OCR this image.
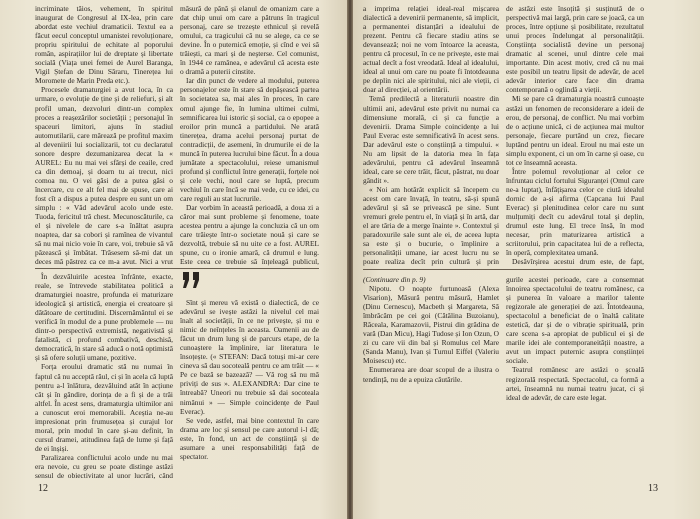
incriminate tăios, vehement, în spiritul inaugurat de Congresul al IX-lea, prin care abordat este vechiul dramaticii. Textul ea a făcut eecul conceptul umanistei revoluționare, propriu spiritului de echitate al poporului român, aspirațiilor lui de dreptate și libertate socială (Viața unei femei de Aurel Baranga, Vigil Ștefan de Dinu Săraru, Tinerețea lui Moromete de Marin Preda etc.).

Procesele dramaturgiei a avut loca, în ca urmare, o evoluție de ține și de reliefuri, și alt profil uman, dezvoluri dintr-un complex proces a reașezărilor societății ; personajul în spaceuri limitori, ajuns în stadiul automutilarii, care mărează pe profitul maxim al deveniirii lui socializarii, tot cu declaratul sonore despre dezumanizarea decat la « AUREL: Eu nu mai vei sfârși de ceaile, cred ca din demoaj, și doarn tu ai trecut, nici comoa nu. O vei găsi de a putea găsi o încercare, cu ce alt fel mai de spuse, care ai fost cît a dispus a putea despre eu sunt un om simplu : « Văd adevărul acolo unde este. Tuoda, fericitul tră chest. Mecunoscăturile, ca el și nivelele de care s-a înăltat asupra noaptea, dar sa cobori și ramînea de vivantul să nu mai nicio voie în care, voi, trebuie să vă păzească și îmbătat. Trăsesem să-mi dat un deces mă păstrez ca ce m-a avut. Nici a vrut

măsură de până și elanul de omanizm care a dat chip unui om care a pătruns în tragicul personaj, care se trezește ethnicul și revelă omului, ca tragicului că nu se alege, ca ce se devine. În o puternică emoție, și cînd e vei să trăiești, ca mari și de neşterse. Cel comunist, în 1944 ce ramânea, e adevărul că acesta este o dramă a puterii cinstite.

Iar din punct de vedere al modului, puterea personajelor este în stare să depășească partea în societatea sa, mai ales în proces, în care omul ajunge fie, în lumina ultimei culmi, semnificarea lui istoric și social, ca o epopee a eroilor prin muncă a partidului. Ne arată tinerețea, drama acelui personaj purtat de contradicții, de asemeni, în drumurile ei de la muncă în puterea lucrului bine făcut. În a doua jumătate a spectacolului, reiese umanismul profund și conflictul între generații, forțele noi și cele vechi, noul care se luptă, precum vechiul în care încă se mai vede, cu ce idei, cu care reguli au stat lucrurile.

Dar vorbim în această perioadă, a doua zi a căror mai sunt probleme și fenomene, toate acestea pentru a ajunge la concluzia că un om care trăiește într-o societate nouă și care se dezvoltă, trebuie să nu uite ce a fost. AUREL spune, cu o ironie amară, că drumul e lung. Este ceea ce trebuie să înțeleagă publicul,

În dezvăluirile acestea înfrânte, exacte, reale, se întrevede stabilitatea politică a dramaturgiei noastre, profunda ei maturizare ideologică și artistică, energia ei creatoare și dătătoare de certitudini. Discernământul ei se verifică în modul de a pune problemele — nu dintr-o perspectivă extremistă, negativistă și fatalistă, ci profund combativă, deschisă, democratică, în stare să aducă o notă optimistă și să ofere soluții umane, pozitive.

Forța eroului dramatic stă nu numai în faptul că nu acceptă răul, ci și în acela că luptă pentru a-l înlătura, dezvăluind atât în acțiune cât și în gândire, dorința de a fi și de a trăi altfel. În acest sens, dramaturgia ultimilor ani a cunoscut eroi memorabili. Aceștia ne-au impresionat prin frumusețea și curajul lor moral, prin modul în care și-au definit, în cursul dramei, atitudinea față de lume și față de ei înșiși.

Paralizarea conflictului acolo unde nu mai era nevoie, cu greu se poate distinge astăzi sensul de obiectivitate al unor lucrări, când

Sînt și mereu vă există o dialectică, de ce adevărul se ivește astăzi la nivelul cel mai înalt al societății, în ce ne privește, și nu e nimic de neînțeles în aceasta. Oamenii au de făcut un drum lung și de parcurs etape, de la cunoaștere la împlinire, iar literatura le însoțește. (« STEFAN: Dacă totuși mi-ar cere cineva să dau socoteală pentru ce am trăit — « Pe ce bază se bazează? — Vă rog să nu mă priviți de sus ». ALEXANDRA: Dar cine te întreabă? Uneori nu trebuie să dai socoteala nimănui » — Simple coincidențe de Paul Everac).

Se vede, astfel, mai bine contextul în care drama are loc și sensul pe care autorul i-l dă; este, în fond, un act de conștiință și de asumare a unei responsabilități față de spectator.

12

a imprima relației ideal-real mișcarea dialectică a devenirii permanente, să implicit, a permanentei distanțări a idealului de prezent. Pentru că fiecare stadiu atins se devansează; noi ne vom întoarce la aceasta, pentru că procesul, în ce ne privește, este mai actual decît a fost vreodată. Ideal al idealului, ideal al unui om care nu poate fi întotdeauna pe deplin nici ale spiritului, nici ale vieții, ci doar al direcției, al orientării.

Temă predilectă a literaturii noastre din ultimii ani, adevărul este privit nu numai ca dimensiune morală, ci și ca funcție a devenirii. Drama Simple coincidențe a lui Paul Everac este semnificativă în acest sens. Dar adevărul este o conștiință a timpului. « Nu am lipsit de la datoria mea în fața adevărului, pentru că adevărul înseamnă ideal, care se cere trăit, făcut, păstrat, nu doar gândit ».

« Noi am hotărât explicit să începem cu acest om care învață, în teatru, să-și spună adevărul și să se privească pe sine. Sunt vremuri grele pentru el, în viață și în artă, dar el are tăria de a merge înainte ». Contextul și paradoxurile sale sunt ale ei, de aceea lupta sa este și o bucurie, o împlinire a personalității umane, iar acest lucru nu se poate realiza decît prin cultură și prin

de astăzi este însoțită și susținută de o perspectivă mai largă, prin care se joacă, ca un proces, între opțiune și posibilitate, rezultatul unui proces îndelungat al personalității. Conștiința socialistă devine un personaj dramatic al scenei, unul dintre cele mai importante. Din acest motiv, cred că nu mai este posibil un teatru lipsit de adevăr, de acel adevăr interior care face din drama contemporană o oglindă a vieții.

Mi se pare că dramaturgia noastră cunoaște astăzi un fenomen de reconsiderare a ideii de erou, de personaj, de conflict. Nu mai vorbim de o acțiune unică, ci de acțiunea mai multor personaje, fiecare purtând un crez, fiecare luptând pentru un ideal. Eroul nu mai este un simplu exponent, ci un om în carne și oase, cu tot ce înseamnă aceasta.

Între polemul revoluționar al celor ce înfruntau ciclul fortului Siguranței (Omul care ne-a luptat), înfățișarea celor ce ciută idealul dornic de a-și afirma (Capcana lui Paul Everac) și plenitudinea celor care nu sunt mulțumiți decît cu adevărul total și deplin, drumul este lung. El trece însă, în mod necesar, prin maturizarea artistică a scriitorului, prin capacitatea lui de a reflecta, în operă, complexitatea umană.

Desăvîrșirea acestui drum este, de fapt,

(Continuare din p. 9)

Nipotu. O noapte furtunoasă (Alexa Visarion), Măsură pentru măsură, Hamlet (Dinu Cernescu), Macbeth și Margareta, Să îmbrăcăm pe cei goi (Cătălina Buzoianu), Răceala, Karamazovii, Pistrui din grădina de vară (Dan Micu), Hagi Tudose și Ion Ozun, O zi cu care vii din bal și Romulus cel Mare (Sanda Manu), Ivan și Turnul Eiffel (Valeriu Moisescu) etc.

Enumerarea are doar scopul de a ilustra o tendință, nu de a epuiza căutările.

gurile acestei perioade, care a consemnat înnoirea spectacolului de teatru românesc, ca și punerea în valoare a marilor talente regizorale ale generației de azi. Întotdeauna, spectacolul a beneficiat de o înaltă calitate estetică, dar și de o vibrație spirituală, prin care scena s-a apropiat de publicul ei și de marile idei ale contemporaneității noastre, a avut un impact puternic asupra conștiinței sociale.

Teatrul românesc are astăzi o școală regizorală respectată. Spectacolul, ca formă a artei, înseamnă nu numai teatru jucat, ci și ideal de adevăr, de care este legat.

13
